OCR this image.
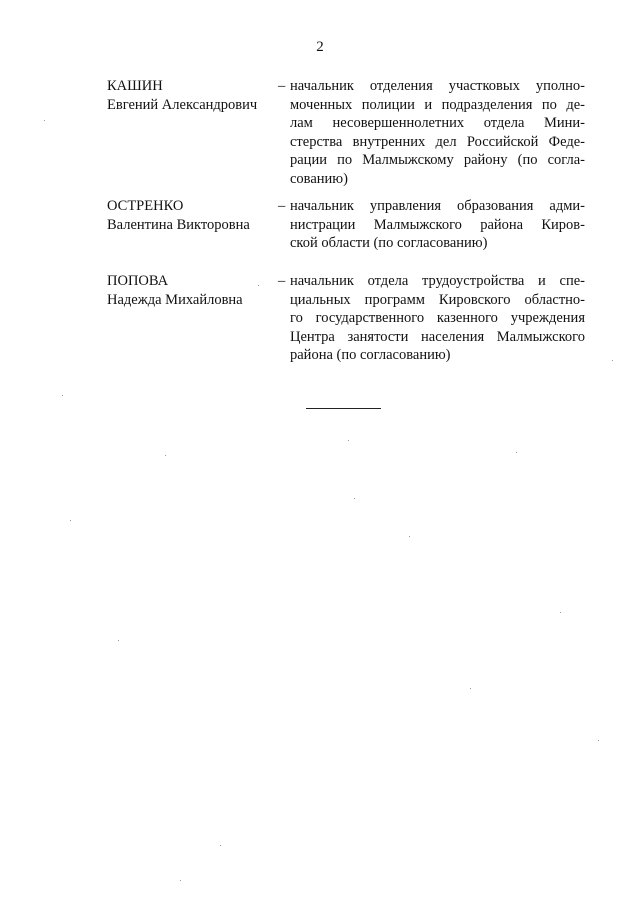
2
КАШИН
Евгений Александрович
– начальник отделения участковых уполно-
моченных полиции и подразделения по де-
лам несовершеннолетних отдела Мини-
стерства внутренних дел Российской Феде-
рации по Малмыжскому району (по согла-
сованию)
ОСТРЕНКО
Валентина Викторовна
– начальник управления образования адми-
нистрации Малмыжского района Киров-
ской области (по согласованию)
ПОПОВА
Надежда Михайловна
– начальник отдела трудоустройства и спе-
циальных программ Кировского областно-
го государственного казенного учреждения
Центра занятости населения Малмыжского
района (по согласованию)
